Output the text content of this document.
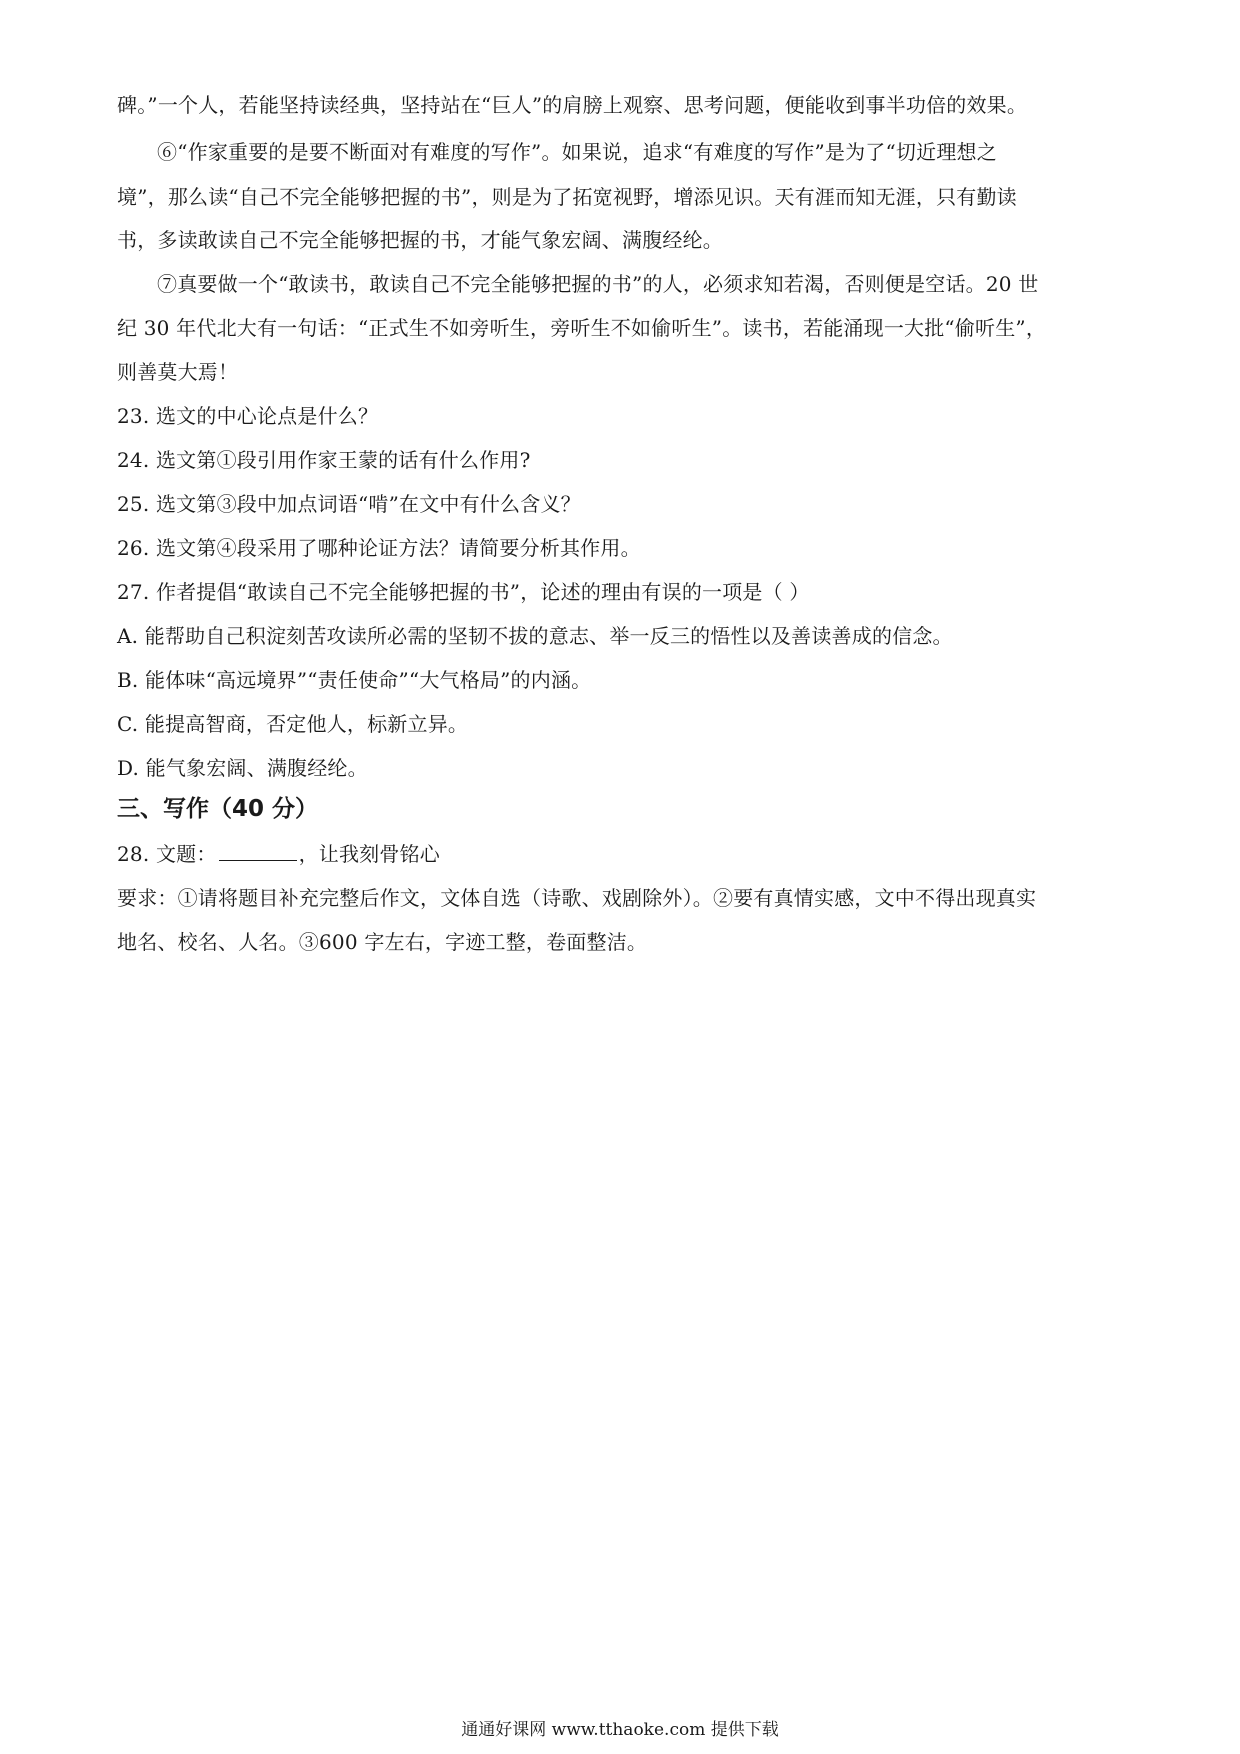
碑。”一个人，若能坚持读经典，坚持站在“巨人”的肩膀上观察、思考问题，便能收到事半功倍的效果。
⑥“作家重要的是要不断面对有难度的写作”。如果说，追求“有难度的写作”是为了“切近理想之
境”，那么读“自己不完全能够把握的书”，则是为了拓宽视野，增添见识。天有涯而知无涯，只有勤读
书，多读敢读自己不完全能够把握的书，才能气象宏阔、满腹经纶。
⑦真要做一个“敢读书，敢读自己不完全能够把握的书”的人，必须求知若渴，否则便是空话。20 世
纪 30 年代北大有一句话：“正式生不如旁听生，旁听生不如偷听生”。读书，若能涌现一大批“偷听生”，
则善莫大焉！
23. 选文的中心论点是什么？
24. 选文第①段引用作家王蒙的话有什么作用?
25. 选文第③段中加点词语“啃”在文中有什么含义？
26. 选文第④段采用了哪种论证方法？请简要分析其作用。
27. 作者提倡“敢读自己不完全能够把握的书”，论述的理由有误的一项是（ ）
A. 能帮助自己积淀刻苦攻读所必需的坚韧不拔的意志、举一反三的悟性以及善读善成的信念。
B. 能体味“高远境界”“责任使命”“大气格局”的内涵。
C. 能提高智商，否定他人，标新立异。
D. 能气象宏阔、满腹经纶。
三、写作（40 分）
28. 文题：	，让我刻骨铭心
要求：①请将题目补充完整后作文，文体自选（诗歌、戏剧除外）。②要有真情实感，文中不得出现真实
地名、校名、人名。③600 字左右，字迹工整，卷面整洁。
通通好课网 www.tthaoke.com 提供下载
